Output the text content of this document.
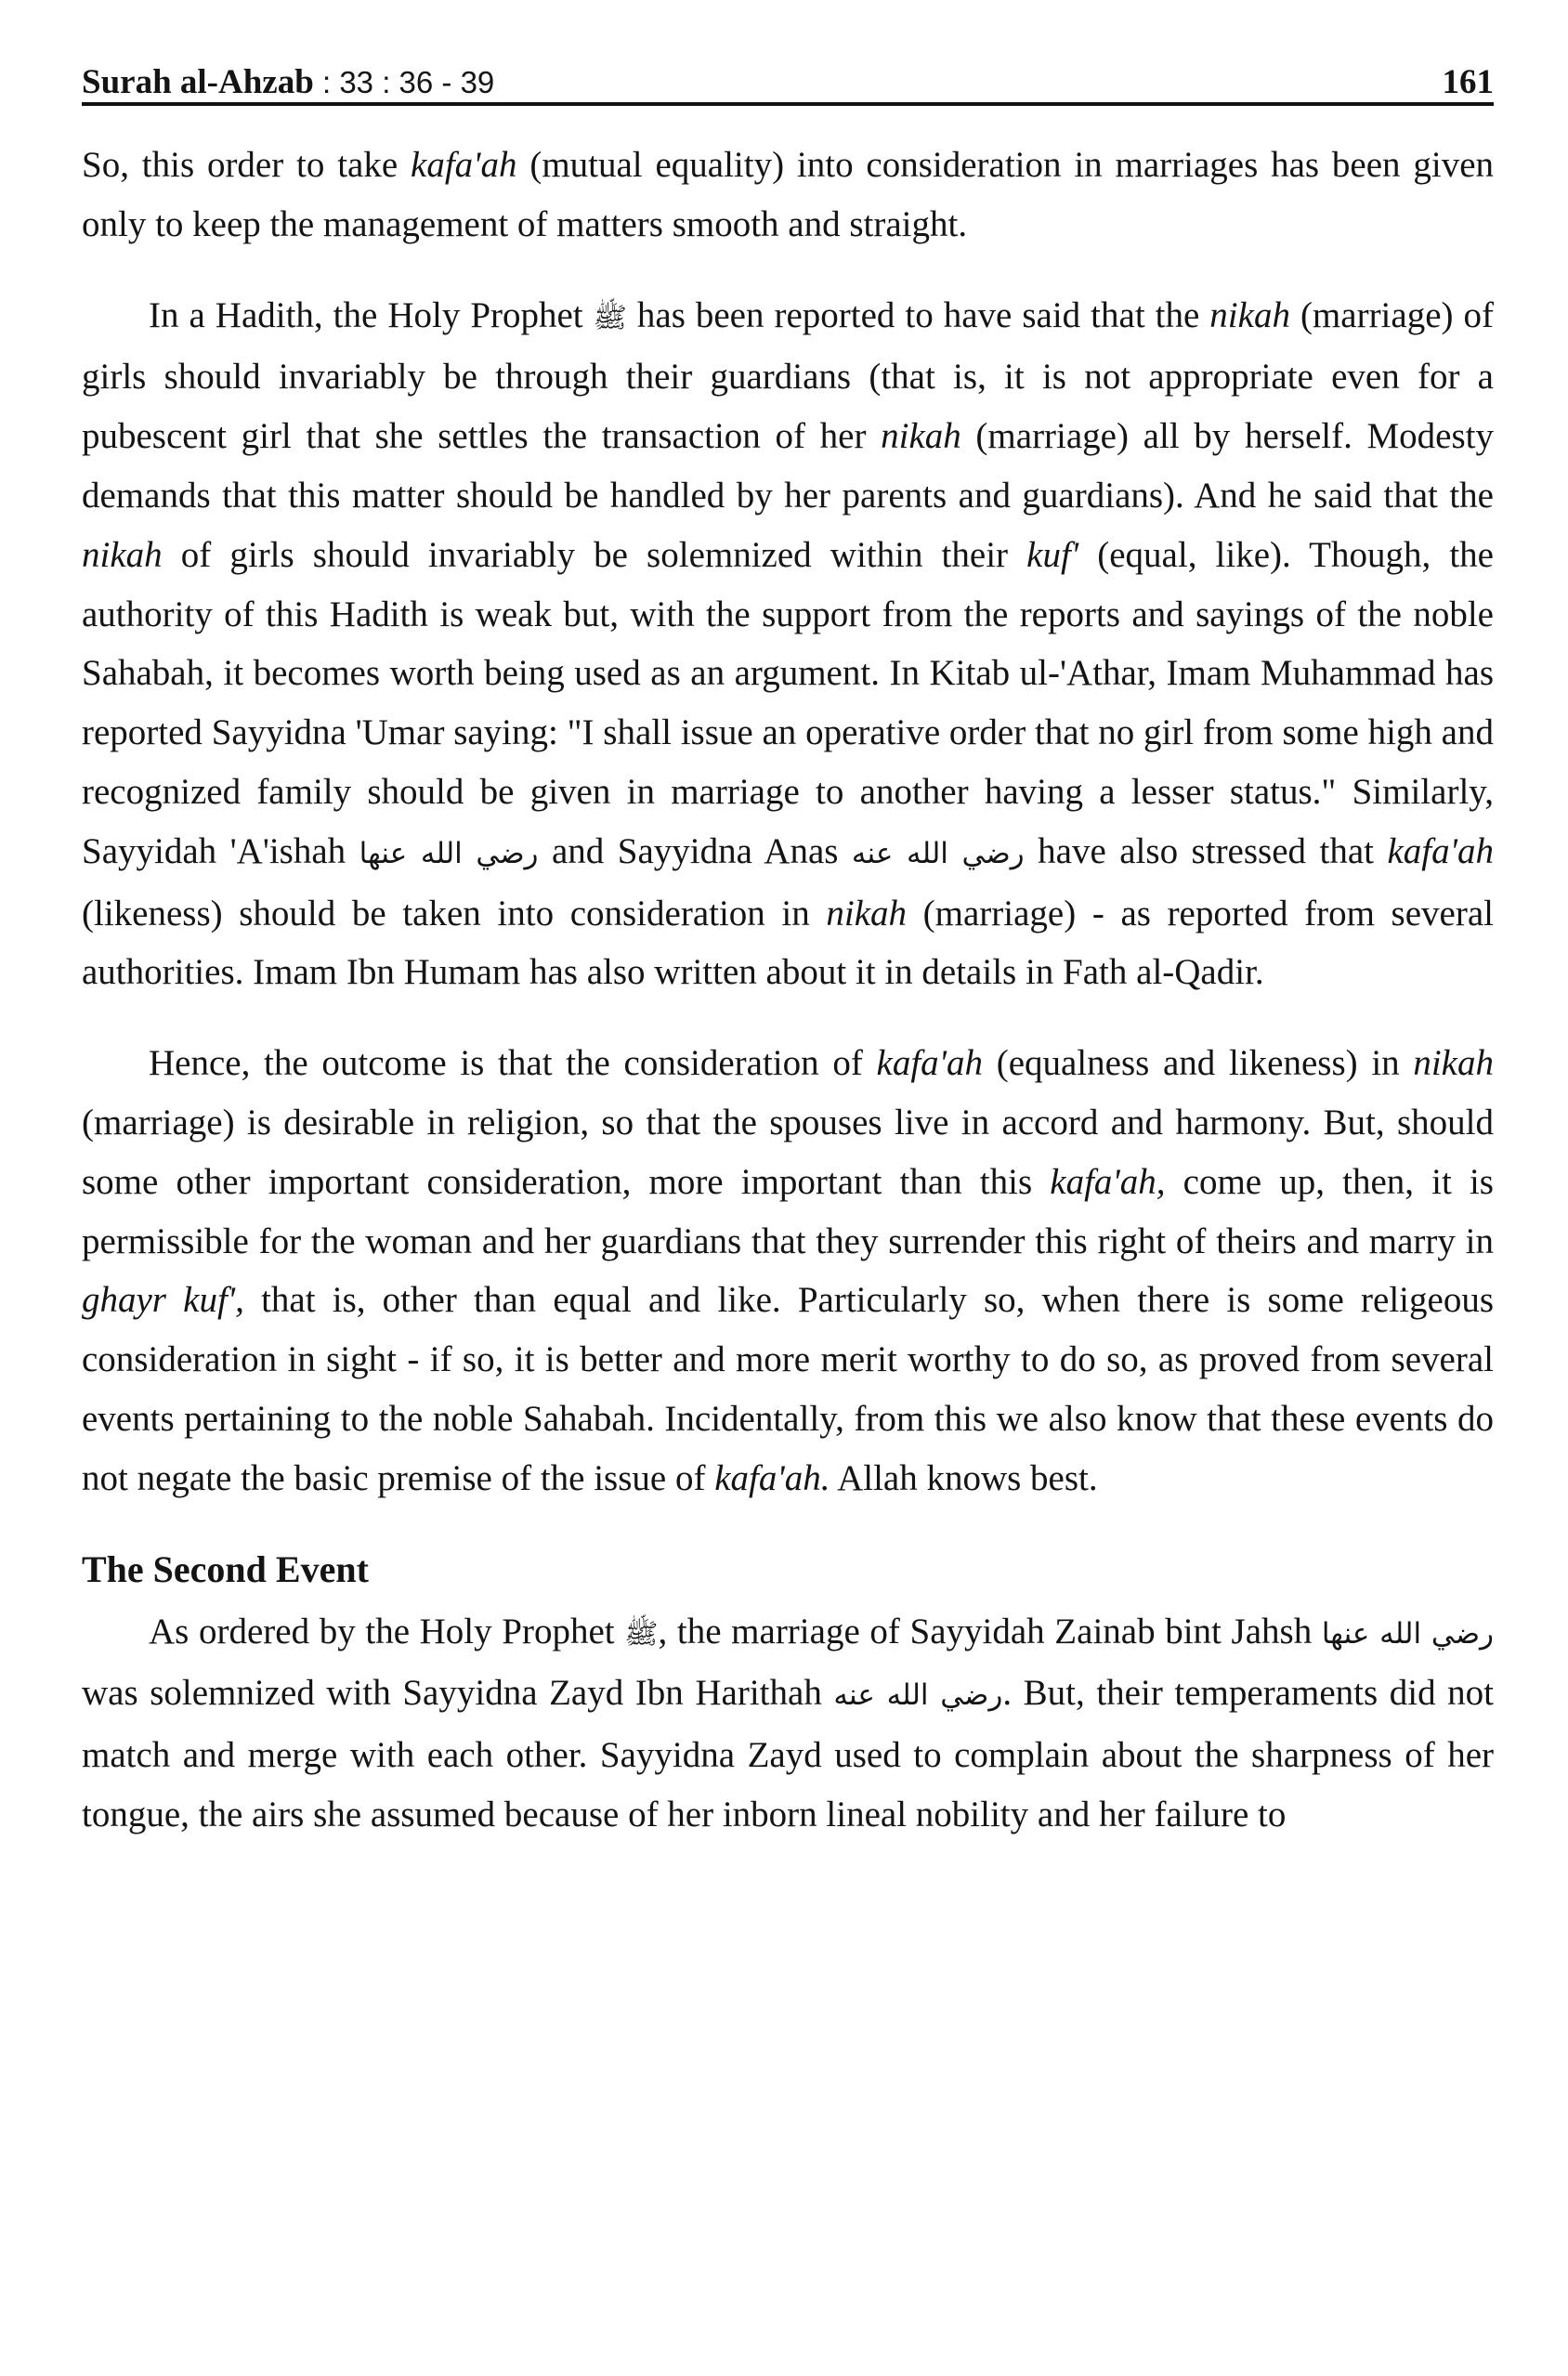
Surah al-Ahzab : 33 : 36 - 39	161

So, this order to take kafa'ah (mutual equality) into consideration in marriages has been given only to keep the management of matters smooth and straight.

In a Hadith, the Holy Prophet ﷺ has been reported to have said that the nikah (marriage) of girls should invariably be through their guardians (that is, it is not appropriate even for a pubescent girl that she settles the transaction of her nikah (marriage) all by herself. Modesty demands that this matter should be handled by her parents and guardians). And he said that the nikah of girls should invariably be solemnized within their kuf' (equal, like). Though, the authority of this Hadith is weak but, with the support from the reports and sayings of the noble Sahabah, it becomes worth being used as an argument. In Kitab ul-'Athar, Imam Muhammad has reported Sayyidna 'Umar saying: "I shall issue an operative order that no girl from some high and recognized family should be given in marriage to another having a lesser status." Similarly, Sayyidah 'A'ishah رضي الله عنها and Sayyidna Anas رضي الله عنه have also stressed that kafa'ah (likeness) should be taken into consideration in nikah (marriage) - as reported from several authorities. Imam Ibn Humam has also written about it in details in Fath al-Qadir.

Hence, the outcome is that the consideration of kafa'ah (equalness and likeness) in nikah (marriage) is desirable in religion, so that the spouses live in accord and harmony. But, should some other important consideration, more important than this kafa'ah, come up, then, it is permissible for the woman and her guardians that they surrender this right of theirs and marry in ghayr kuf', that is, other than equal and like. Particularly so, when there is some religeous consideration in sight - if so, it is better and more merit worthy to do so, as proved from several events pertaining to the noble Sahabah. Incidentally, from this we also know that these events do not negate the basic premise of the issue of kafa'ah. Allah knows best.

The Second Event

As ordered by the Holy Prophet ﷺ, the marriage of Sayyidah Zainab bint Jahsh رضي الله عنها was solemnized with Sayyidna Zayd Ibn Harithah رضي الله عنه. But, their temperaments did not match and merge with each other. Sayyidna Zayd used to complain about the sharpness of her tongue, the airs she assumed because of her inborn lineal nobility and her failure to
